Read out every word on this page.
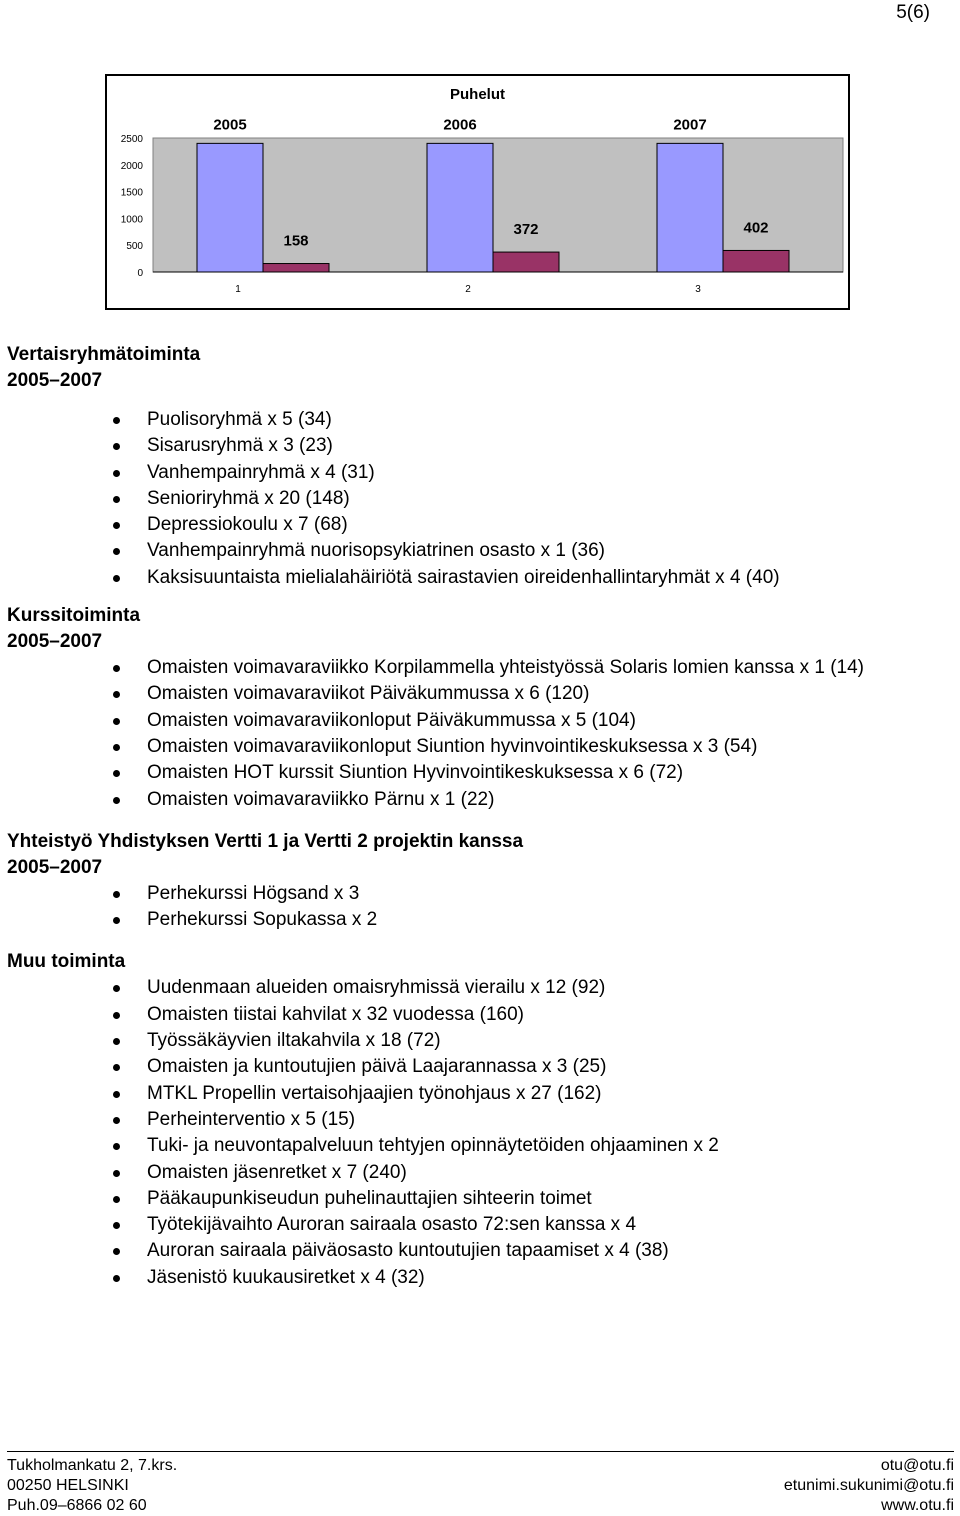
5(6)
Puhelut
2500
2000
1500
1000
500
0
2005
158
1
2006
372
2
2007
402
3
Vertaisryhmätoiminta
2005–2007
Puolisoryhmä x 5 (34)
Sisarusryhmä x 3 (23)
Vanhempainryhmä x 4 (31)
Senioriryhmä x 20 (148)
Depressiokoulu x 7 (68)
Vanhempainryhmä nuorisopsykiatrinen osasto x 1 (36)
Kaksisuuntaista mielialahäiriötä sairastavien oireidenhallintaryhmät x 4 (40)
Kurssitoiminta
2005–2007
Omaisten voimavaraviikko Korpilammella yhteistyössä Solaris lomien kanssa x 1 (14)
Omaisten voimavaraviikot Päiväkummussa x 6 (120)
Omaisten voimavaraviikonloput Päiväkummussa x 5 (104)
Omaisten voimavaraviikonloput Siuntion hyvinvointikeskuksessa x 3 (54)
Omaisten HOT kurssit Siuntion Hyvinvointikeskuksessa x 6 (72)
Omaisten voimavaraviikko Pärnu x 1 (22)
Yhteistyö Yhdistyksen Vertti 1 ja Vertti 2 projektin kanssa
2005–2007
Perhekurssi Högsand x 3
Perhekurssi Sopukassa x 2
Muu toiminta
Uudenmaan alueiden omaisryhmissä vierailu x 12 (92)
Omaisten tiistai kahvilat x 32 vuodessa (160)
Työssäkäyvien iltakahvila x 18 (72)
Omaisten ja kuntoutujien päivä Laajarannassa x 3 (25)
MTKL Propellin vertaisohjaajien työnohjaus x 27 (162)
Perheinterventio x 5 (15)
Tuki- ja neuvontapalveluun tehtyjen opinnäytetöiden ohjaaminen x 2
Omaisten jäsenretket x 7 (240)
Pääkaupunkiseudun puhelinauttajien sihteerin toimet
Työtekijävaihto Auroran sairaala osasto 72:sen kanssa x 4
Auroran sairaala päiväosasto kuntoutujien tapaamiset x 4 (38)
Jäsenistö kuukausiretket x 4 (32)
Tukholmankatu 2, 7.krs.
00250 HELSINKI
Puh.09–6866 02 60
otu@otu.fi
etunimi.sukunimi@otu.fi
www.otu.fi
